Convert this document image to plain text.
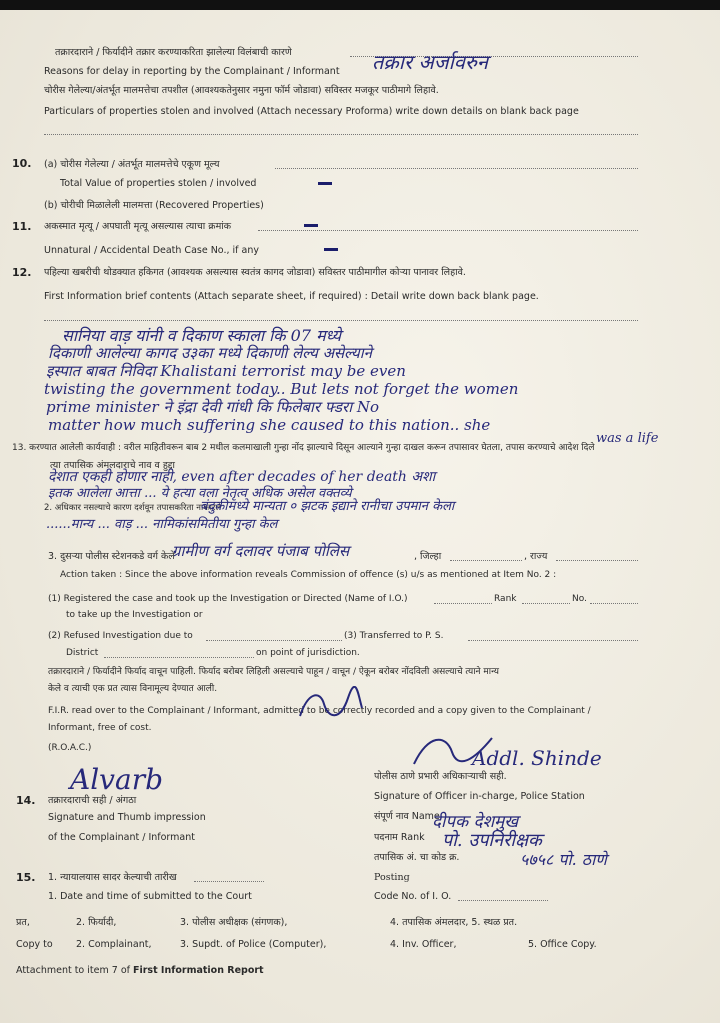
तक्रारदाराने / फिर्यादीने तक्रार करण्याकरिता झालेल्या विलंबाची कारणे
Reasons for delay in reporting by the Complainant / Informant तक्रार अर्जावरुन
चोरीस गेलेल्या/अंतर्भूत मालमत्तेचा तपशील (आवश्यकतेनुसार नमुना फॉर्म जोडावा) सविस्तर मजकूर पाठीमागे लिहावे.
Particulars of properties stolen and involved (Attach necessary Proforma) write down details on blank back page
10. (a) चोरीस गेलेल्या / अंतर्भूत मालमत्तेचे एकूण मूल्य
Total Value of properties stolen / involved
(b) चोरीची मिळालेली मालमत्ता (Recovered Properties)
11. अकस्मात मृत्यू / अपघाती मृत्यू असल्यास त्याचा क्रमांक
Unnatural / Accidental Death Case No., if any
12. पहिल्या खबरीची थोडक्यात हकिगत (आवश्यक असल्यास स्वतंत्र कागद जोडावा) सविस्तर पाठीमागील कोऱ्या पानावर लिहावे.
First Information brief contents (Attach separate sheet, if required) : Detail write down back blank page.
सानिया वाड़ यांनी व दिकाण स्काला कि 07 मध्ये
दिकाणी आलेल्या कागद उ३का मध्ये दिकाणी लेल्य असेल्याने
इस्पात बाबत निविदा Khalistani terrorist may be even
twisting the government today.. But lets not forget the women
prime minister ने इंद्रा देवी गांधी कि फिलेबार फ्डरा No
matter how much suffering she caused to this nation.. she
was a life
13. करण्यात आलेली कार्यवाही : वरील माहितीवरून बाब 2 मधील कलमाखाली गुन्हा नोंद झाल्याचे दिसून आल्याने गुन्हा दाखल करून तपासावर घेतला, तपास करण्याचे आदेश दिले
त्या तपासिक अंमलदाराचे नाव व हुद्दा
देशात एकही होणार नाही, even after decades of her death अशा
इतक आलेला आत्ता ... ये हत्या वला नेतृत्व अधिक असेल वक्तव्ये
2. अधिकार नसल्याचे कारण दर्शवून तपासकरिता नाकारले
बंदुकीमध्ये मान्यता ० झटक इद्याने रानीचा उपमान केला
......मान्य ... वाड़ ... नामिकांसमितीया गुन्हा केल
3. दुसऱ्या पोलीस स्टेशनकडे वर्ग केले
ग्रामीण वर्ग दलावर पंजाब पोलिस	, जिल्हा	, राज्य
Action taken : Since the above information reveals Commission of offence (s) u/s as mentioned at Item No. 2 :
(1) Registered the case and took up the Investigation or Directed (Name of I.O.)	Rank	No.
to take up the Investigation or
(2) Refused Investigation due to	(3) Transferred to P. S.
District	on point of jurisdiction.
तक्रारदाराने / फिर्यादीने फिर्याद वाचून पाहिली. फिर्याद बरोबर लिहिली असल्याचे पाहून / वाचून / ऐकून बरोबर नोंदविली असल्याचे त्याने मान्य
केले व त्याची एक प्रत त्यास विनामूल्य देण्यात आली.
F.I.R. read over to the Complainant / Informant, admitted to be correctly recorded and a copy given to the Complainant /
Informant, free of cost.
(R.O.A.C.)
14. तक्रारदाराची सही / अंगठा
Signature and Thumb impression
of the Complainant / Informant
Alvarb	पोलीस ठाणे प्रभारी अधिकाऱ्याची सही.
Signature of Officer in-charge, Police Station
Addl. Shinde
संपूर्ण नाव Name
दीपक देशमुख
पदनाम Rank पो. उपनिरीक्षक
तपासिक अं. चा कोड क्र.	५७५८ पो. ठाणे
15. 1. न्यायालयास सादर केल्याची तारीख
1. Date and time of submitted to the Court
Posting
Code No. of I. O.
प्रत,	2. फिर्यादी,	3. पोलीस अधीक्षक (संगणक),	4. तपासिक अंमलदार, 5. स्थळ प्रत.
Copy to 2. Complainant,	3. Supdt. of Police (Computer),	4. Inv. Officer,	5. Office Copy.
Attachment to item 7 of First Information Report
